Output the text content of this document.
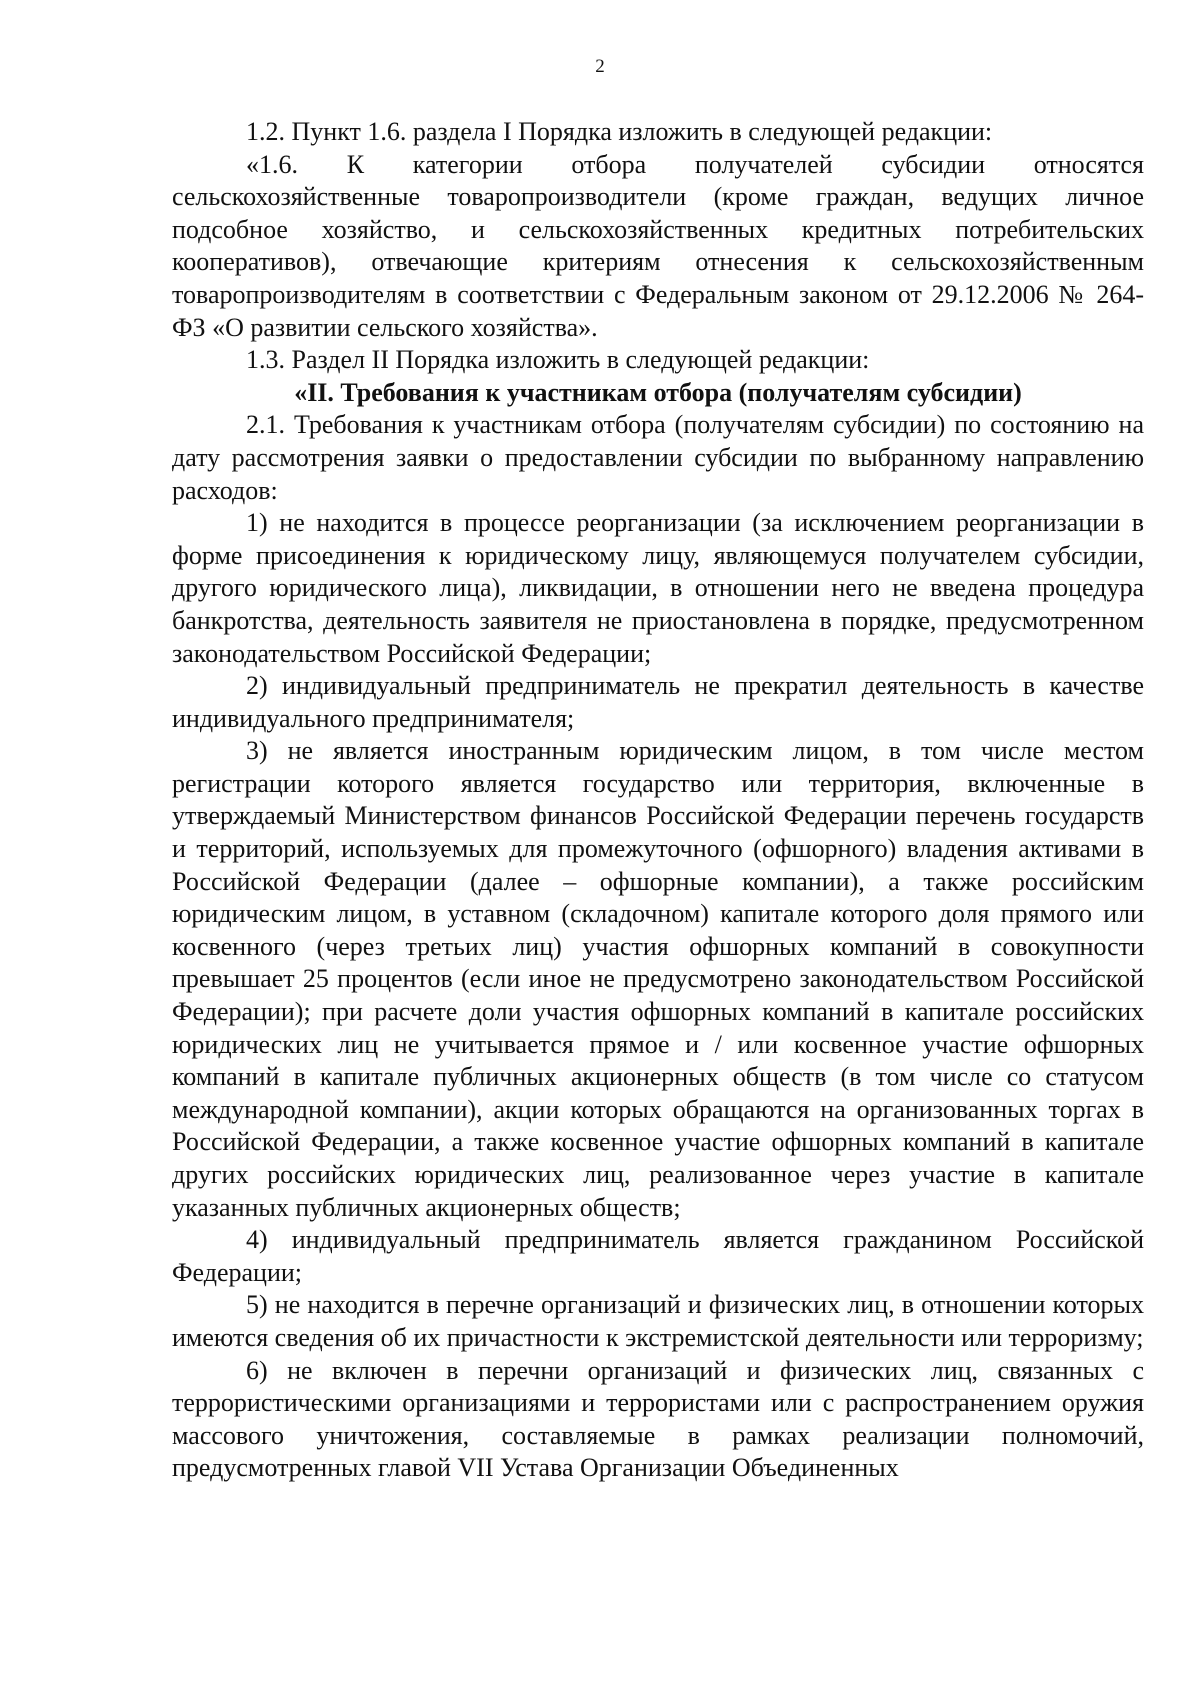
2

1.2. Пункт 1.6. раздела I Порядка изложить в следующей редакции:

«1.6. К категории отбора получателей субсидии относятся сельскохозяйственные товаропроизводители (кроме граждан, ведущих личное подсобное хозяйство, и сельскохозяйственных кредитных потребительских кооперативов), отвечающие критериям отнесения к сельскохозяйственным товаропроизводителям в соответствии с Федеральным законом от 29.12.2006 № 264-ФЗ «О развитии сельского хозяйства».

1.3. Раздел II Порядка изложить в следующей редакции:

«II. Требования к участникам отбора (получателям субсидии)

2.1. Требования к участникам отбора (получателям субсидии) по состоянию на дату рассмотрения заявки о предоставлении субсидии по выбранному направлению расходов:

1) не находится в процессе реорганизации (за исключением реорганизации в форме присоединения к юридическому лицу, являющемуся получателем субсидии, другого юридического лица), ликвидации, в отношении него не введена процедура банкротства, деятельность заявителя не приостановлена в порядке, предусмотренном законодательством Российской Федерации;

2) индивидуальный предприниматель не прекратил деятельность в качестве индивидуального предпринимателя;

3) не является иностранным юридическим лицом, в том числе местом регистрации которого является государство или территория, включенные в утверждаемый Министерством финансов Российской Федерации перечень государств и территорий, используемых для промежуточного (офшорного) владения активами в Российской Федерации (далее – офшорные компании), а также российским юридическим лицом, в уставном (складочном) капитале которого доля прямого или косвенного (через третьих лиц) участия офшорных компаний в совокупности превышает 25 процентов (если иное не предусмотрено законодательством Российской Федерации); при расчете доли участия офшорных компаний в капитале российских юридических лиц не учитывается прямое и / или косвенное участие офшорных компаний в капитале публичных акционерных обществ (в том числе со статусом международной компании), акции которых обращаются на организованных торгах в Российской Федерации, а также косвенное участие офшорных компаний в капитале других российских юридических лиц, реализованное через участие в капитале указанных публичных акционерных обществ;

4) индивидуальный предприниматель является гражданином Российской Федерации;

5) не находится в перечне организаций и физических лиц, в отношении которых имеются сведения об их причастности к экстремистской деятельности или терроризму;

6) не включен в перечни организаций и физических лиц, связанных с террористическими организациями и террористами или с распространением оружия массового уничтожения, составляемые в рамках реализации полномочий, предусмотренных главой VII Устава Организации Объединенных
